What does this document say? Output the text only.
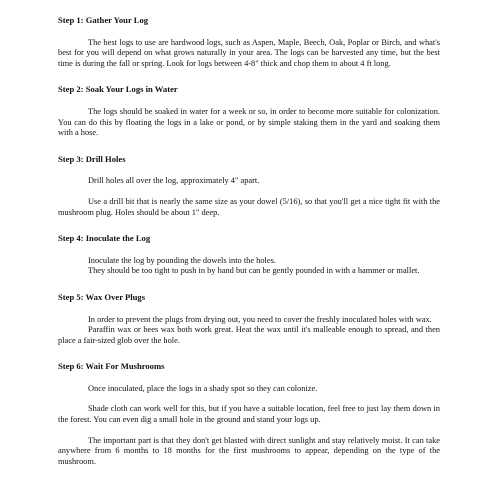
Step 1: Gather Your Log

The best logs to use are hardwood logs, such as Aspen, Maple, Beech, Oak, Poplar or Birch, and what's best for you will depend on what grows naturally in your area. The logs can be harvested any time, but the best time is during the fall or spring. Look for logs between 4-8" thick and chop them to about 4 ft long.

Step 2: Soak Your Logs in Water

The logs should be soaked in water for a week or so, in order to become more suitable for colonization. You can do this by floating the logs in a lake or pond, or by simple staking them in the yard and soaking them with a hose.

Step 3: Drill Holes

Drill holes all over the log, approximately 4" apart.

Use a drill bit that is nearly the same size as your dowel (5/16), so that you'll get a nice tight fit with the mushroom plug. Holes should be about 1" deep.

Step 4: Inoculate the Log

Inoculate the log by pounding the dowels into the holes.

They should be too tight to push in by hand but can be gently pounded in with a hammer or mallet.

Step 5: Wax Over Plugs

In order to prevent the plugs from drying out, you need to cover the freshly inoculated holes with wax.

Paraffin wax or bees wax both work great. Heat the wax until it's malleable enough to spread, and then place a fair-sized glob over the hole.

Step 6: Wait For Mushrooms

Once inoculated, place the logs in a shady spot so they can colonize.

Shade cloth can work well for this, but if you have a suitable location, feel free to just lay them down in the forest. You can even dig a small hole in the ground and stand your logs up.

The important part is that they don't get blasted with direct sunlight and stay relatively moist. It can take anywhere from 6 months to 18 months for the first mushrooms to appear, depending on the type of the mushroom.
